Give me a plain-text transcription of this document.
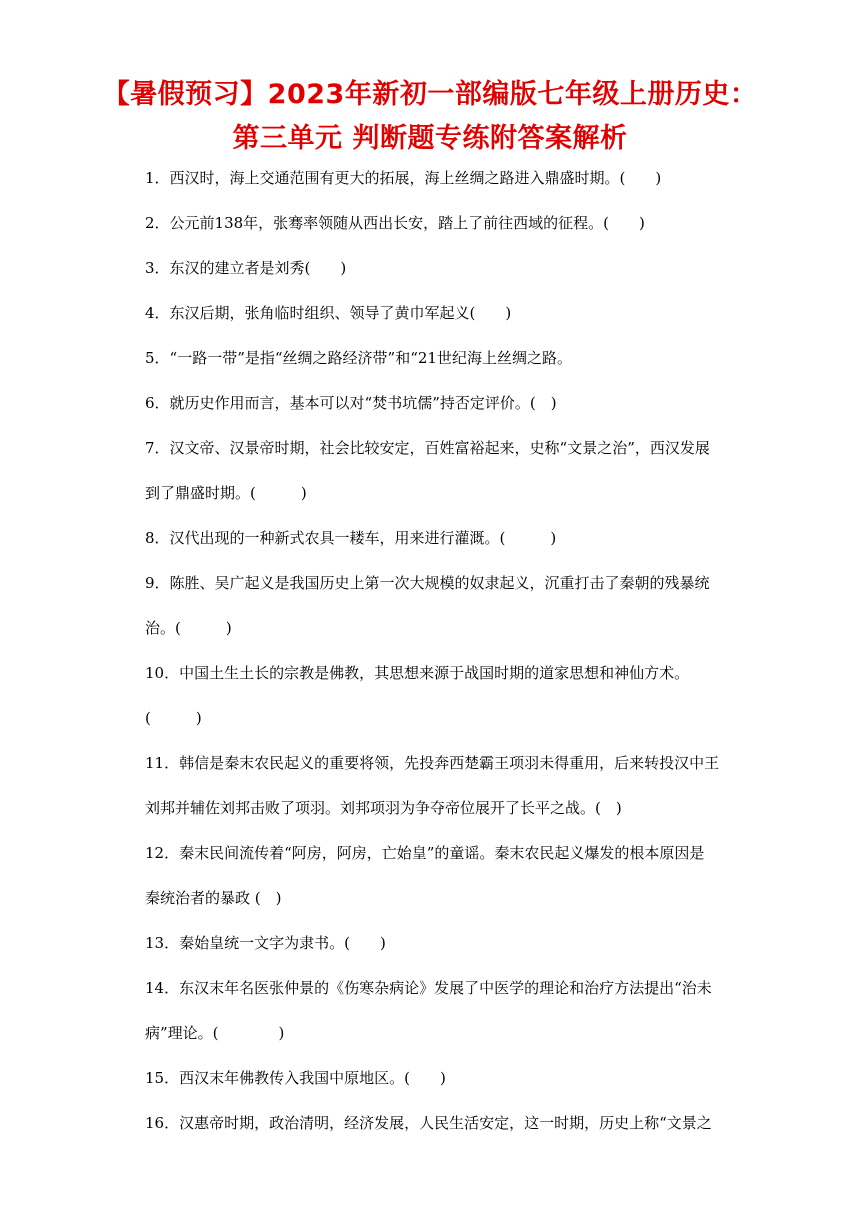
【暑假预习】2023年新初一部编版七年级上册历史：
第三单元 判断题专练附答案解析
1．西汉时，海上交通范围有更大的拓展，海上丝绸之路进入鼎盛时期。(　　)
2．公元前138年，张骞率领随从西出长安，踏上了前往西域的征程。(　　)
3．东汉的建立者是刘秀(　　)
4．东汉后期，张角临时组织、领导了黄巾军起义(　　)
5．“一路一带”是指“丝绸之路经济带”和“21世纪海上丝绸之路。
6．就历史作用而言，基本可以对“焚书坑儒”持否定评价。(　)
7．汉文帝、汉景帝时期，社会比较安定，百姓富裕起来，史称“文景之治”，西汉发展
到了鼎盛时期。(　　　)
8．汉代出现的一种新式农具一耧车，用来进行灌溉。(　　　)
9．陈胜、吴广起义是我国历史上第一次大规模的奴隶起义，沉重打击了秦朝的残暴统
治。(　　　)
10．中国土生土长的宗教是佛教，其思想来源于战国时期的道家思想和神仙方术。
(　　　)
11．韩信是秦末农民起义的重要将领，先投奔西楚霸王项羽未得重用，后来转投汉中王
刘邦并辅佐刘邦击败了项羽。刘邦项羽为争夺帝位展开了长平之战。(　)
12．秦末民间流传着“阿房，阿房，亡始皇”的童谣。秦末农民起义爆发的根本原因是
秦统治者的暴政 (　)
13．秦始皇统一文字为隶书。(　　)
14．东汉末年名医张仲景的《伤寒杂病论》发展了中医学的理论和治疗方法提出“治未
病”理论。(　　　　)
15．西汉末年佛教传入我国中原地区。(　　)
16．汉惠帝时期，政治清明，经济发展，人民生活安定，这一时期，历史上称“文景之
